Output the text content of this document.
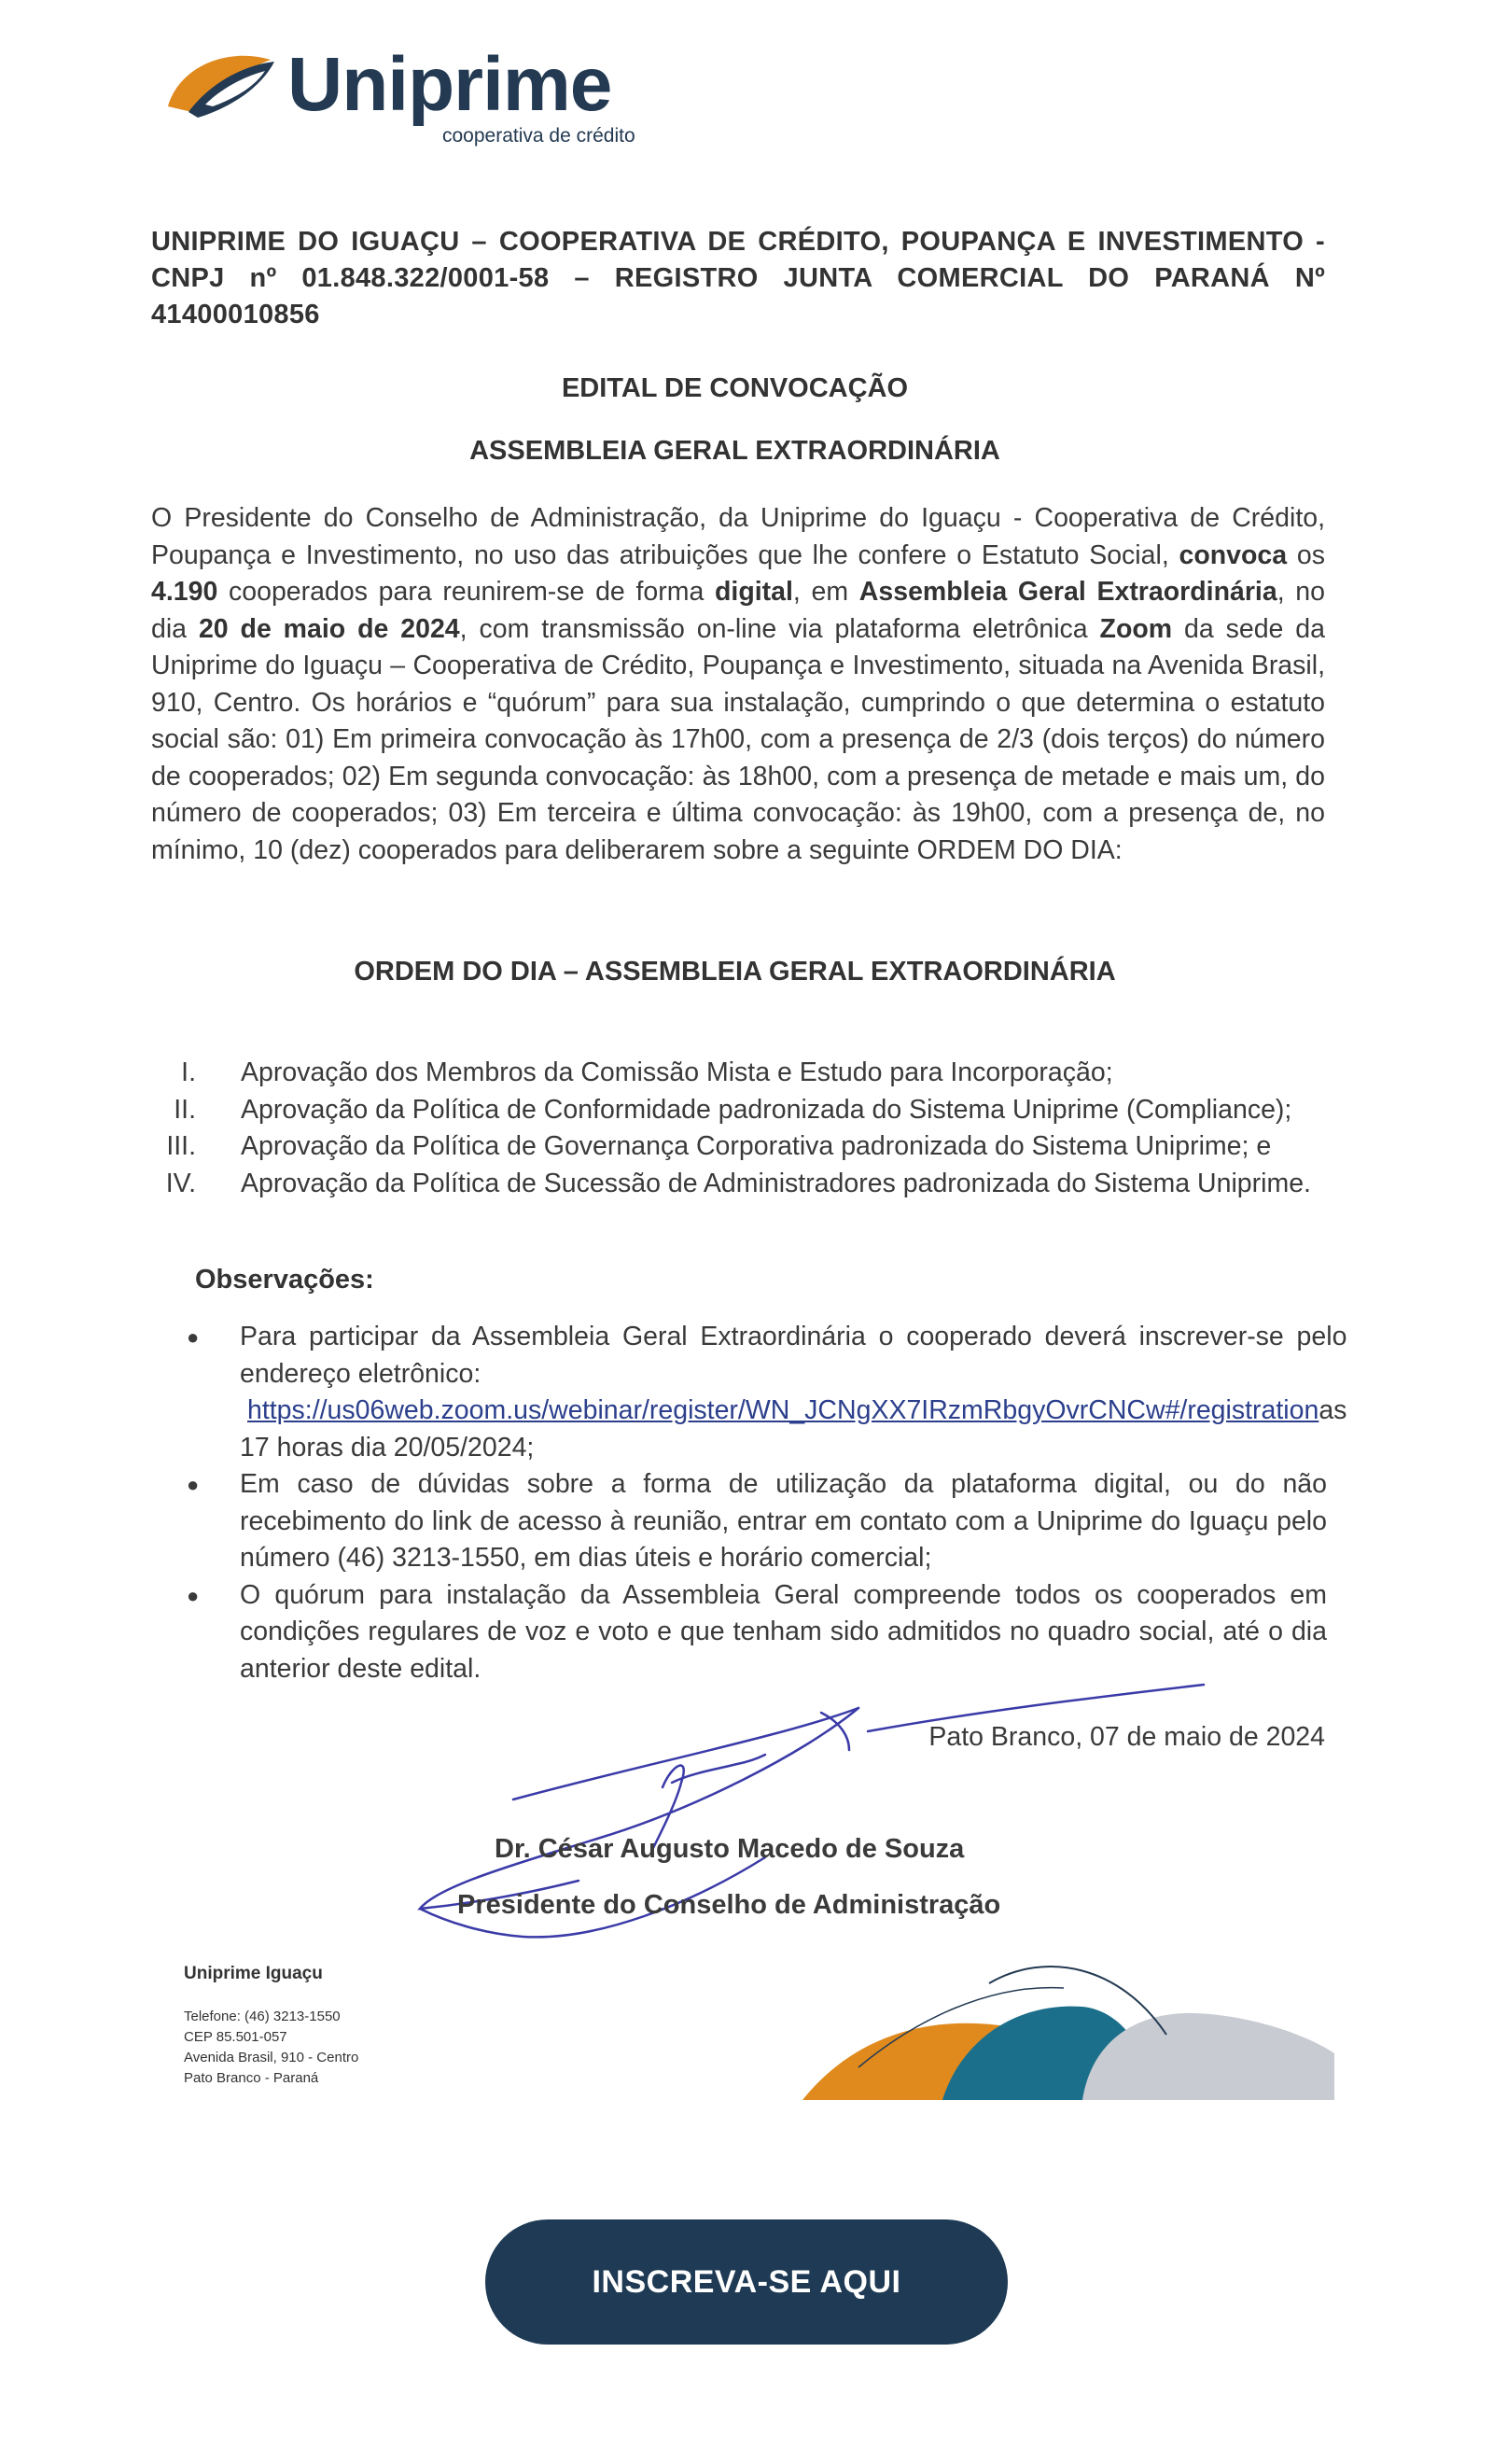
Uniprime
cooperativa de crédito
UNIPRIME DO IGUAÇU – COOPERATIVA DE CRÉDITO, POUPANÇA E INVESTIMENTO - CNPJ nº 01.848.322/0001-58 – REGISTRO JUNTA COMERCIAL DO PARANÁ Nº 41400010856
EDITAL DE CONVOCAÇÃO
ASSEMBLEIA GERAL EXTRAORDINÁRIA
O Presidente do Conselho de Administração, da Uniprime do Iguaçu - Cooperativa de Crédito, Poupança e Investimento, no uso das atribuições que lhe confere o Estatuto Social, convoca os 4.190 cooperados para reunirem-se de forma digital, em Assembleia Geral Extraordinária, no dia 20 de maio de 2024, com transmissão on-line via plataforma eletrônica Zoom da sede da Uniprime do Iguaçu – Cooperativa de Crédito, Poupança e Investimento, situada na Avenida Brasil, 910, Centro. Os horários e “quórum” para sua instalação, cumprindo o que determina o estatuto social são: 01) Em primeira convocação às 17h00, com a presença de 2/3 (dois terços) do número de cooperados; 02) Em segunda convocação: às 18h00, com a presença de metade e mais um, do número de cooperados; 03) Em terceira e última convocação: às 19h00, com a presença de, no mínimo, 10 (dez) cooperados para deliberarem sobre a seguinte ORDEM DO DIA:
ORDEM DO DIA – ASSEMBLEIA GERAL EXTRAORDINÁRIA
I.	Aprovação dos Membros da Comissão Mista e Estudo para Incorporação;
II.	Aprovação da Política de Conformidade padronizada do Sistema Uniprime (Compliance);
III.	Aprovação da Política de Governança Corporativa padronizada do Sistema Uniprime; e
IV.	Aprovação da Política de Sucessão de Administradores padronizada do Sistema Uniprime.
Observações:
●	Para participar da Assembleia Geral Extraordinária o cooperado deverá inscrever-se pelo endereço eletrônico:
https://us06web.zoom.us/webinar/register/WN_JCNgXX7IRzmRbgyOvrCNCw#/registration as
17 horas dia 20/05/2024;
●	Em caso de dúvidas sobre a forma de utilização da plataforma digital, ou do não recebimento do link de acesso à reunião, entrar em contato com a Uniprime do Iguaçu pelo número (46) 3213-1550, em dias úteis e horário comercial;
●	O quórum para instalação da Assembleia Geral compreende todos os cooperados em condições regulares de voz e voto e que tenham sido admitidos no quadro social, até o dia anterior deste edital.
Pato Branco, 07 de maio de 2024
Dr. César Augusto Macedo de Souza
Presidente do Conselho de Administração
Uniprime Iguaçu
Telefone: (46) 3213-1550
CEP 85.501-057
Avenida Brasil, 910 - Centro
Pato Branco - Paraná
INSCREVA-SE AQUI
